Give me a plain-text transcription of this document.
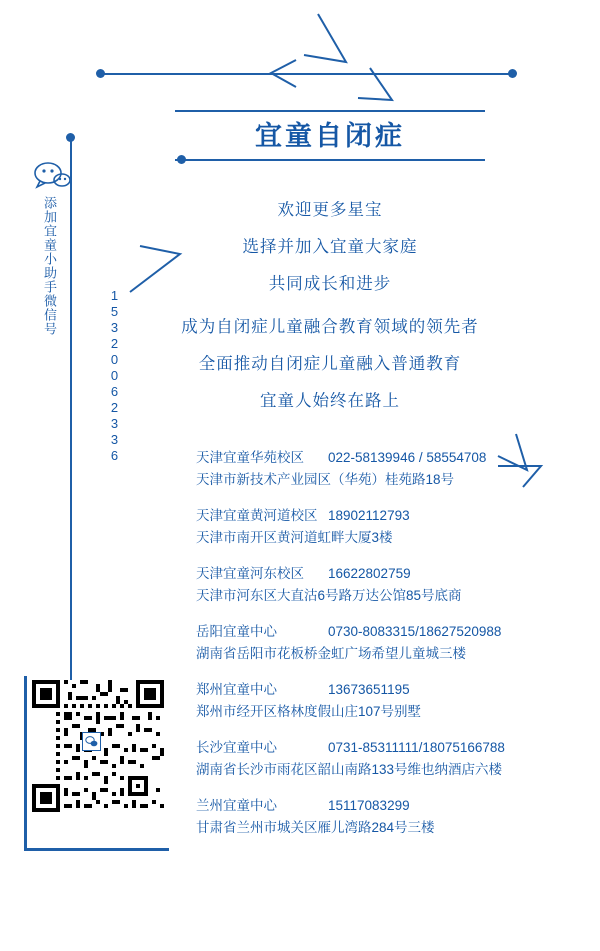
添加宜童小助手微信号
15320062336
宜童自闭症
欢迎更多星宝
选择并加入宜童大家庭
共同成长和进步
成为自闭症儿童融合教育领域的领先者
全面推动自闭症儿童融入普通教育
宜童人始终在路上
天津宜童华苑校区 022-58139946 / 58554708
天津市新技术产业园区（华苑）桂苑路18号
天津宜童黄河道校区 18902112793
天津市南开区黄河道虹畔大厦3楼
天津宜童河东校区 16622802759
天津市河东区大直沽6号路万达公馆85号底商
岳阳宜童中心	0730-8083315/18627520988
湖南省岳阳市花板桥金虹广场希望儿童城三楼
郑州宜童中心	13673651195
郑州市经开区格林度假山庄107号别墅
长沙宜童中心	0731-85311111/18075166788
湖南省长沙市雨花区韶山南路133号维也纳酒店六楼
兰州宜童中心	15117083299
甘肃省兰州市城关区雁儿湾路284号三楼
